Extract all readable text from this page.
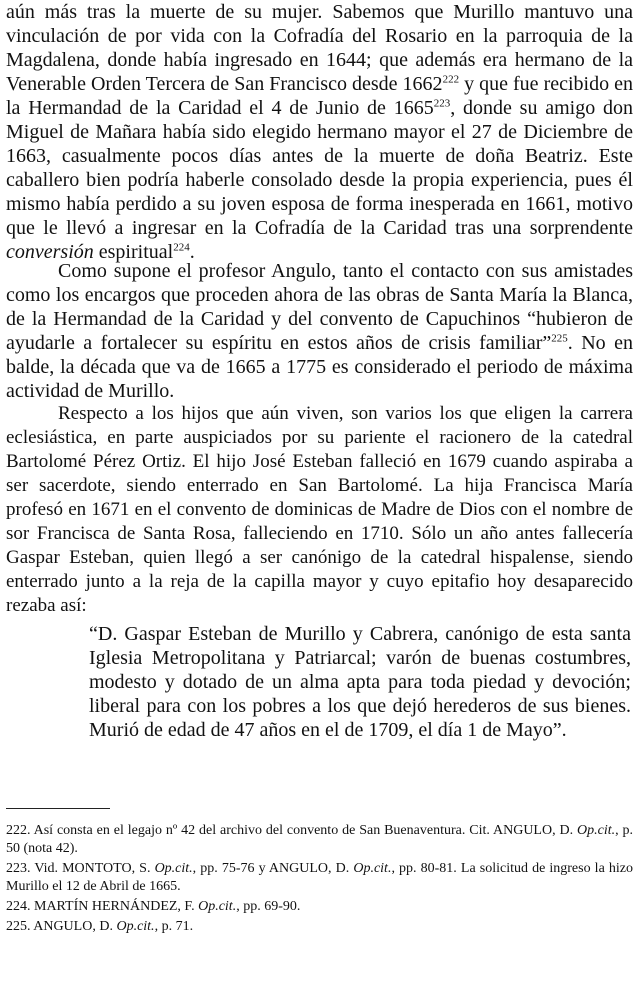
aún más tras la muerte de su mujer. Sabemos que Murillo mantuvo una vinculación de por vida con la Cofradía del Rosario en la parroquia de la Magdalena, donde había ingresado en 1644; que además era hermano de la Venerable Orden Tercera de San Francisco desde 1662$^{222}$ y que fue recibido en la Hermandad de la Caridad el 4 de Junio de 1665$^{223}$, donde su amigo don Miguel de Mañara había sido elegido hermano mayor el 27 de Diciembre de 1663, casualmente pocos días antes de la muerte de doña Beatriz. Este caballero bien podría haberle consolado desde la propia experiencia, pues él mismo había perdido a su joven esposa de forma inesperada en 1661, motivo que le llevó a ingresar en la Cofradía de la Caridad tras una sorprendente conversión espiritual$^{224}$.

Como supone el profesor Angulo, tanto el contacto con sus amistades como los encargos que proceden ahora de las obras de Santa María la Blanca, de la Hermandad de la Caridad y del convento de Capuchinos “hubieron de ayudarle a fortalecer su espíritu en estos años de crisis familiar”$^{225}$. No en balde, la década que va de 1665 a 1775 es considerado el periodo de máxima actividad de Murillo.

Respecto a los hijos que aún viven, son varios los que eligen la carrera eclesiástica, en parte auspiciados por su pariente el racionero de la catedral Bartolomé Pérez Ortiz. El hijo José Esteban falleció en 1679 cuando aspiraba a ser sacerdote, siendo enterrado en San Bartolomé. La hija Francisca María profesó en 1671 en el convento de dominicas de Madre de Dios con el nombre de sor Francisca de Santa Rosa, falleciendo en 1710. Sólo un año antes fallecería Gaspar Esteban, quien llegó a ser canónigo de la catedral hispalense, siendo enterrado junto a la reja de la capilla mayor y cuyo epitafio hoy desaparecido rezaba así:

“D. Gaspar Esteban de Murillo y Cabrera, canónigo de esta santa Iglesia Metropolitana y Patriarcal; varón de buenas costumbres, modesto y dotado de un alma apta para toda piedad y devoción; liberal para con los pobres a los que dejó herederos de sus bienes. Murió de edad de 47 años en el de 1709, el día 1 de Mayo”.

222. Así consta en el legajo nº 42 del archivo del convento de San Buenaventura. Cit. ANGULO, D. Op.cit., p. 50 (nota 42).

223. Vid. MONTOTO, S. Op.cit., pp. 75-76 y ANGULO, D. Op.cit., pp. 80-81. La solicitud de ingreso la hizo Murillo el 12 de Abril de 1665.

224. MARTÍN HERNÁNDEZ, F. Op.cit., pp. 69-90.

225. ANGULO, D. Op.cit., p. 71.
